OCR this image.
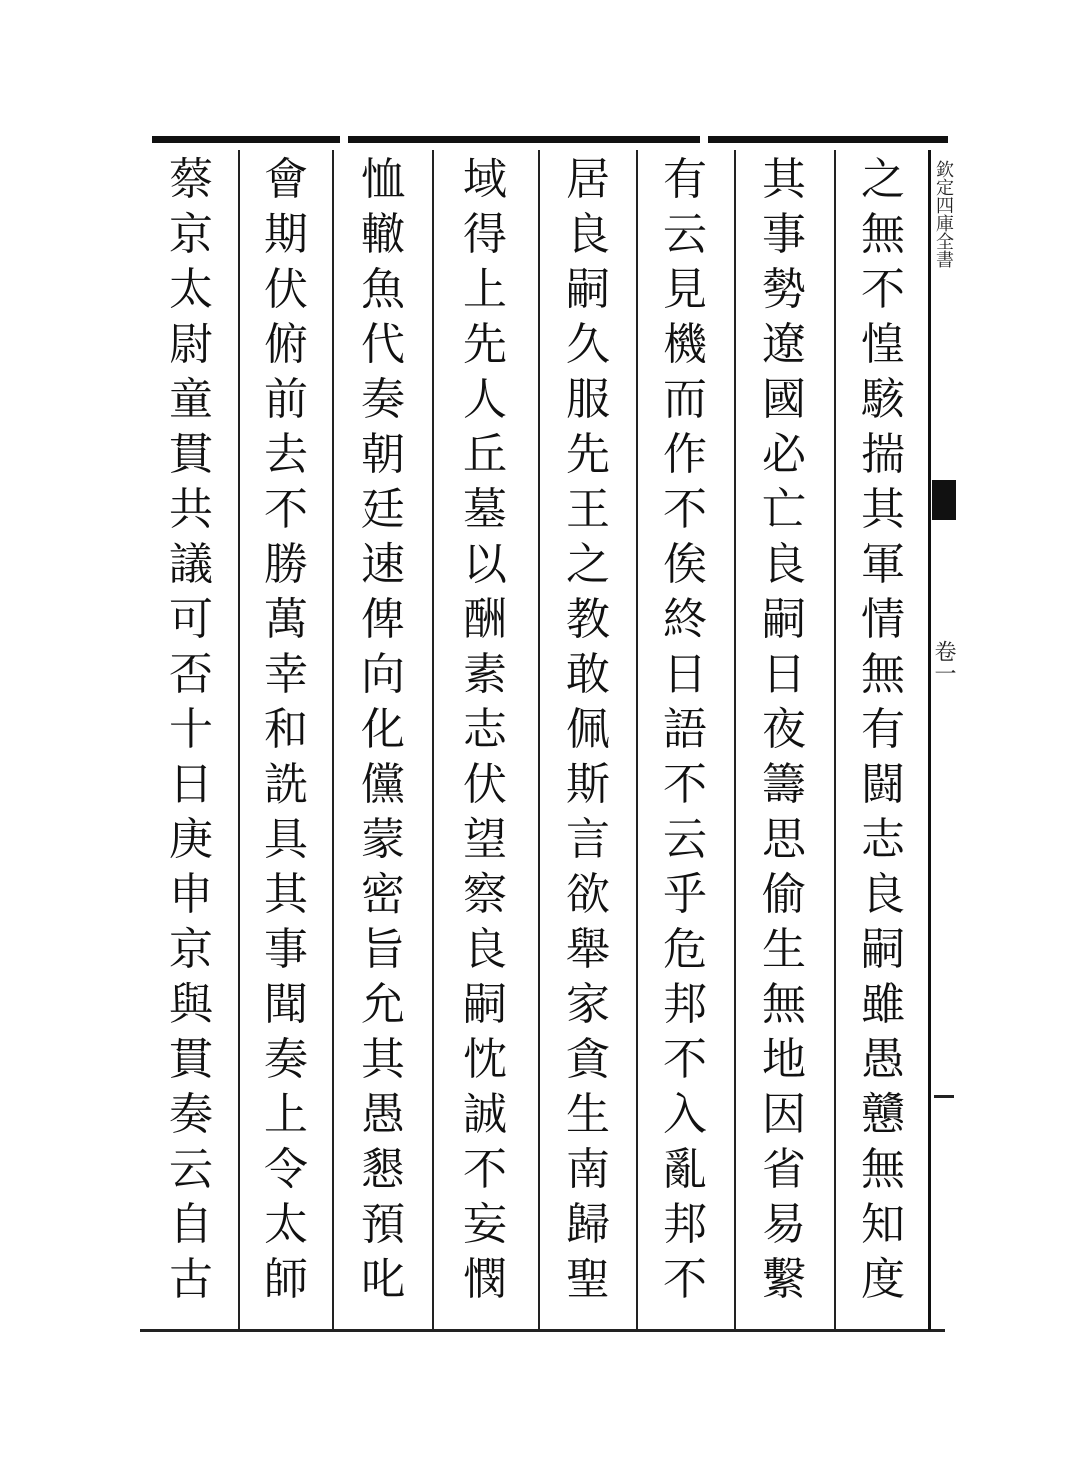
欽定四庫全書
卷一
之
無
不
惶
駭
揣
其
軍
情
無
有
闘
志
良
嗣
雖
愚
戇
無
知
度
其
事
勢
遼
國
必
亡
良
嗣
日
夜
籌
思
偷
生
無
地
因
省
易
繫
有
云
見
機
而
作
不
俟
終
日
語
不
云
乎
危
邦
不
入
亂
邦
不
居
良
嗣
久
服
先
王
之
教
敢
佩
斯
言
欲
舉
家
貪
生
南
歸
聖
域
得
上
先
人
丘
墓
以
酬
素
志
伏
望
察
良
嗣
忱
誠
不
妄
憫
恤
轍
魚
代
奏
朝
廷
速
俾
向
化
儻
蒙
密
旨
允
其
愚
懇
預
叱
會
期
伏
俯
前
去
不
勝
萬
幸
和
詵
具
其
事
聞
奏
上
令
太
師
蔡
京
太
尉
童
貫
共
議
可
否
十
日
庚
申
京
與
貫
奏
云
自
古
